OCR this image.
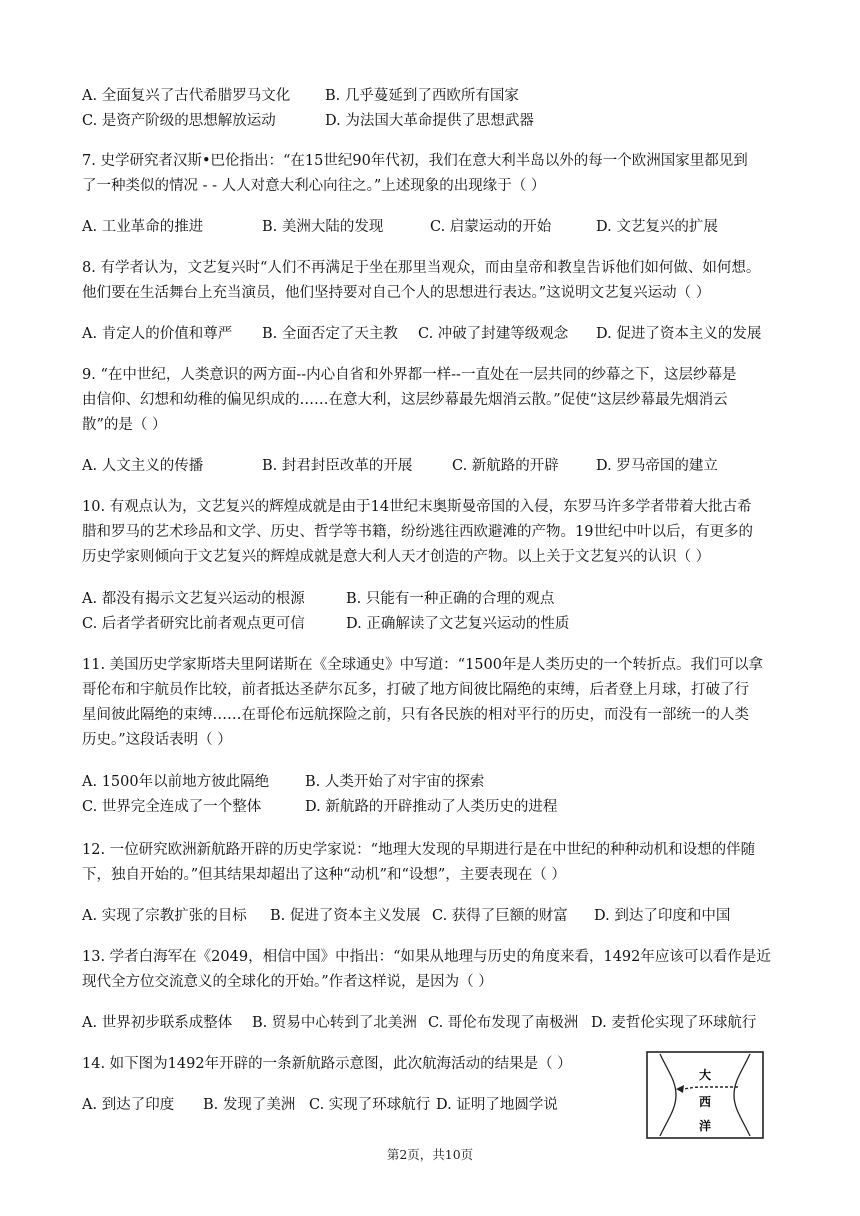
A. 全面复兴了古代希腊罗马文化 B. 几乎蔓延到了西欧所有国家
C. 是资产阶级的思想解放运动	D. 为法国大革命提供了思想武器
7. 史学研究者汉斯•巴伦指出：“在15世纪90年代初，我们在意大利半岛以外的每一个欧洲国家里都见到
了一种类似的情况 - - 人人对意大利心向往之。”上述现象的出现缘于（ ）
A. 工业革命的推进	B. 美洲大陆的发现	C. 启蒙运动的开始	D. 文艺复兴的扩展
8. 有学者认为，文艺复兴时“人们不再满足于坐在那里当观众，而由皇帝和教皇告诉他们如何做、如何想。
他们要在生活舞台上充当演员，他们坚持要对自己个人的思想进行表达。”这说明文艺复兴运动（ ）
A. 肯定人的价值和尊严 B. 全面否定了天主教 C. 冲破了封建等级观念 D. 促进了资本主义的发展
9. “在中世纪，人类意识的两方面--内心自省和外界都一样--一直处在一层共同的纱幕之下，这层纱幕是
由信仰、幻想和幼稚的偏见织成的……在意大利，这层纱幕最先烟消云散。”促使“这层纱幕最先烟消云
散”的是（ ）
A. 人文主义的传播	B. 封君封臣改革的开展	C. 新航路的开辟	D. 罗马帝国的建立
10. 有观点认为，文艺复兴的辉煌成就是由于14世纪末奥斯曼帝国的入侵，东罗马许多学者带着大批古希
腊和罗马的艺术珍品和文学、历史、哲学等书籍，纷纷逃往西欧避滩的产物。19世纪中叶以后，有更多的
历史学家则倾向于文艺复兴的辉煌成就是意大利人天才创造的产物。以上关于文艺复兴的认识（ ）
A. 都没有揭示文艺复兴运动的根源	B. 只能有一种正确的合理的观点
C. 后者学者研究比前者观点更可信	D. 正确解读了文艺复兴运动的性质
11. 美国历史学家斯塔夫里阿诺斯在《全球通史》中写道：“1500年是人类历史的一个转折点。我们可以拿
哥伦布和宇航员作比较，前者抵达圣萨尔瓦多，打破了地方间彼比隔绝的束缚，后者登上月球，打破了行
星间彼此隔绝的束缚……在哥伦布远航探险之前，只有各民族的相对平行的历史，而没有一部统一的人类
历史。”这段话表明（ ）
A. 1500年以前地方彼此隔绝 B. 人类开始了对宇宙的探索
C. 世界完全连成了一个整体	D. 新航路的开辟推动了人类历史的进程
12. 一位研究欧洲新航路开辟的历史学家说：“地理大发现的早期进行是在中世纪的种种动机和设想的伴随
下，独自开始的。”但其结果却超出了这种“动机”和“设想”，主要表现在（ ）
A. 实现了宗教扩张的目标 B. 促进了资本主义发展 C. 获得了巨额的财富 D. 到达了印度和中国
13. 学者白海军在《2049，相信中国》中指出：“如果从地理与历史的角度来看，1492年应该可以看作是近
现代全方位交流意义的全球化的开始。”作者这样说，是因为（ ）
A. 世界初步联系成整体 B. 贸易中心转到了北美洲 C. 哥伦布发现了南极洲 D. 麦哲伦实现了环球航行
14. 如下图为1492年开辟的一条新航路示意图，此次航海活动的结果是（ ）
A. 到达了印度 B. 发现了美洲 C. 实现了环球航行 D. 证明了地圆学说
大
西
洋
第2页，共10页
